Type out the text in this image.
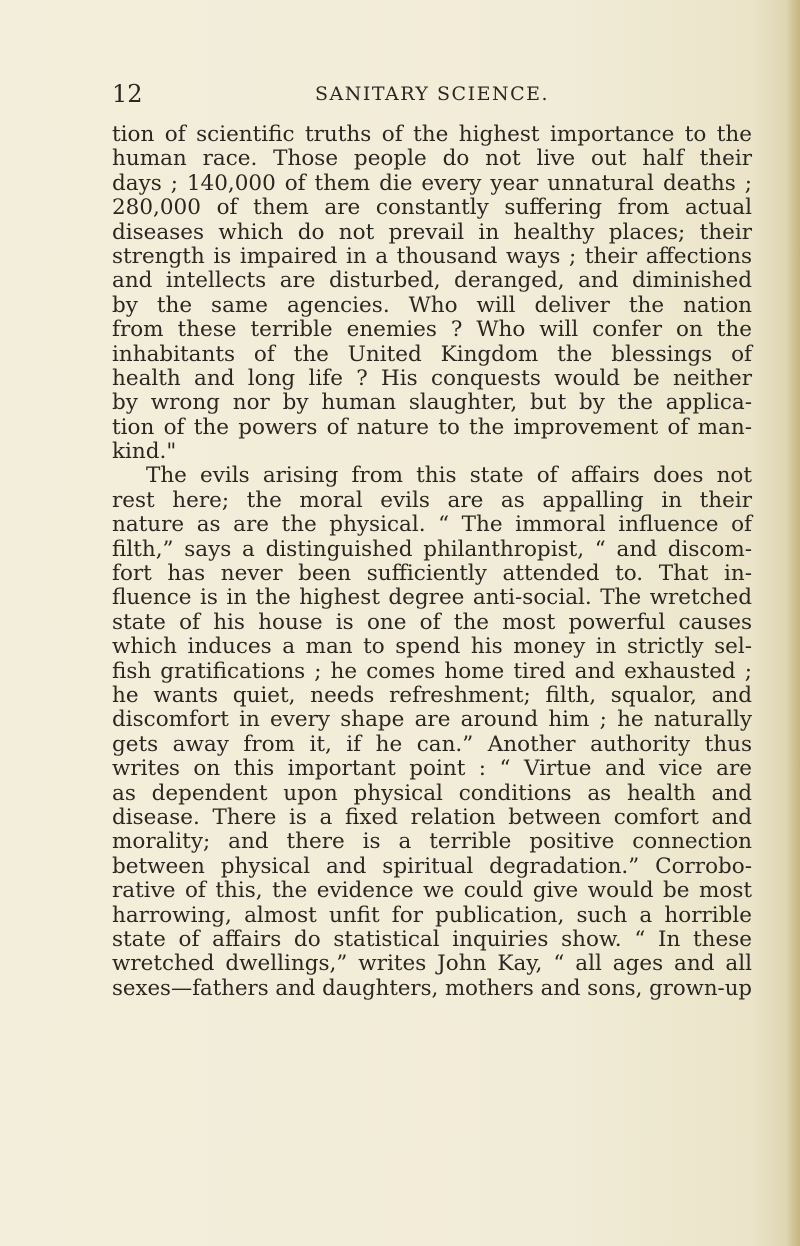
12	SANITARY SCIENCE.
tion of scientific truths of the highest importance to the
human race. Those people do not live out half their
days ; 140,000 of them die every year unnatural deaths ;
280,000 of them are constantly suffering from actual
diseases which do not prevail in healthy places; their
strength is impaired in a thousand ways ; their affections
and intellects are disturbed, deranged, and diminished
by the same agencies. Who will deliver the nation
from these terrible enemies ? Who will confer on the
inhabitants of the United Kingdom the blessings of
health and long life ? His conquests would be neither
by wrong nor by human slaughter, but by the applica-
tion of the powers of nature to the improvement of man-
kind."
The evils arising from this state of affairs does not
rest here; the moral evils are as appalling in their
nature as are the physical. “ The immoral influence of
filth,” says a distinguished philanthropist, “ and discom-
fort has never been sufficiently attended to. That in-
fluence is in the highest degree anti-social. The wretched
state of his house is one of the most powerful causes
which induces a man to spend his money in strictly sel-
fish gratifications ; he comes home tired and exhausted ;
he wants quiet, needs refreshment; filth, squalor, and
discomfort in every shape are around him ; he naturally
gets away from it, if he can.” Another authority thus
writes on this important point : “ Virtue and vice are
as dependent upon physical conditions as health and
disease. There is a fixed relation between comfort and
morality; and there is a terrible positive connection
between physical and spiritual degradation.” Corrobo-
rative of this, the evidence we could give would be most
harrowing, almost unfit for publication, such a horrible
state of affairs do statistical inquiries show. “ In these
wretched dwellings,” writes John Kay, “ all ages and all
sexes—fathers and daughters, mothers and sons, grown-up
